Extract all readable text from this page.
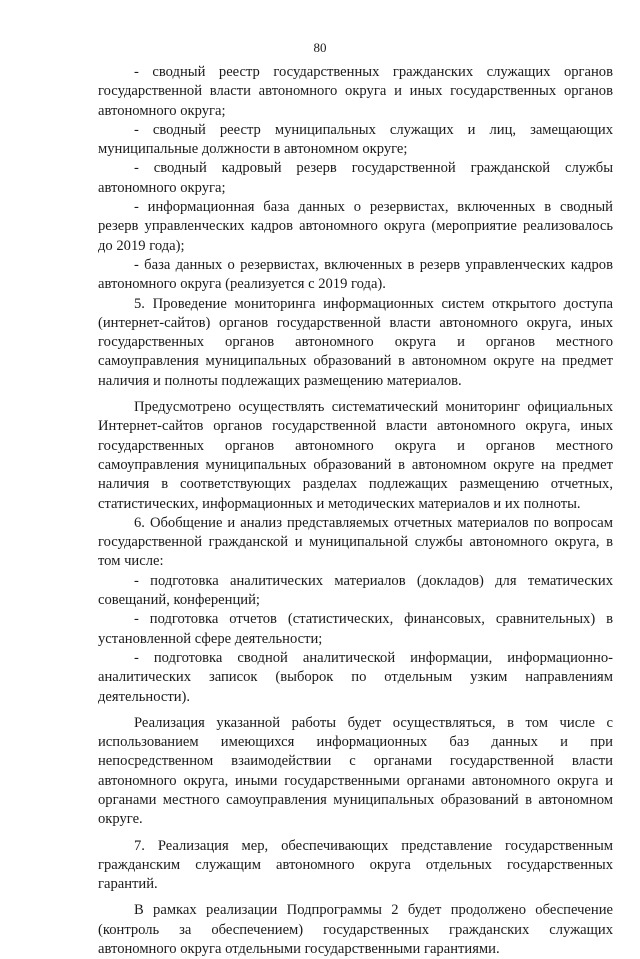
80

- сводный реестр государственных гражданских служащих органов государственной власти автономного округа и иных государственных органов автономного округа;

- сводный реестр муниципальных служащих и лиц, замещающих муниципальные должности в автономном округе;

- сводный кадровый резерв государственной гражданской службы автономного округа;

- информационная база данных о резервистах, включенных в сводный резерв управленческих кадров автономного округа (мероприятие реализовалось до 2019 года);

- база данных о резервистах, включенных в резерв управленческих кадров автономного округа (реализуется с 2019 года).

5. Проведение мониторинга информационных систем открытого доступа (интернет-сайтов) органов государственной власти автономного округа, иных государственных органов автономного округа и органов местного самоуправления муниципальных образований в автономном округе на предмет наличия и полноты подлежащих размещению материалов.

Предусмотрено осуществлять систематический мониторинг официальных Интернет-сайтов органов государственной власти автономного округа, иных государственных органов автономного округа и органов местного самоуправления муниципальных образований в автономном округе на предмет наличия в соответствующих разделах подлежащих размещению отчетных, статистических, информационных и методических материалов и их полноты.

6. Обобщение и анализ представляемых отчетных материалов по вопросам государственной гражданской и муниципальной службы автономного округа, в том числе:

- подготовка аналитических материалов (докладов) для тематических совещаний, конференций;

- подготовка отчетов (статистических, финансовых, сравнительных) в установленной сфере деятельности;

- подготовка сводной аналитической информации, информационно-аналитических записок (выборок по отдельным узким направлениям деятельности).

Реализация указанной работы будет осуществляться, в том числе с использованием имеющихся информационных баз данных и при непосредственном взаимодействии с органами государственной власти автономного округа, иными государственными органами автономного округа и органами местного самоуправления муниципальных образований в автономном округе.

7. Реализация мер, обеспечивающих представление государственным гражданским служащим автономного округа отдельных государственных гарантий.

В рамках реализации Подпрограммы 2 будет продолжено обеспечение (контроль за обеспечением) государственных гражданских служащих автономного округа отдельными государственными гарантиями.
